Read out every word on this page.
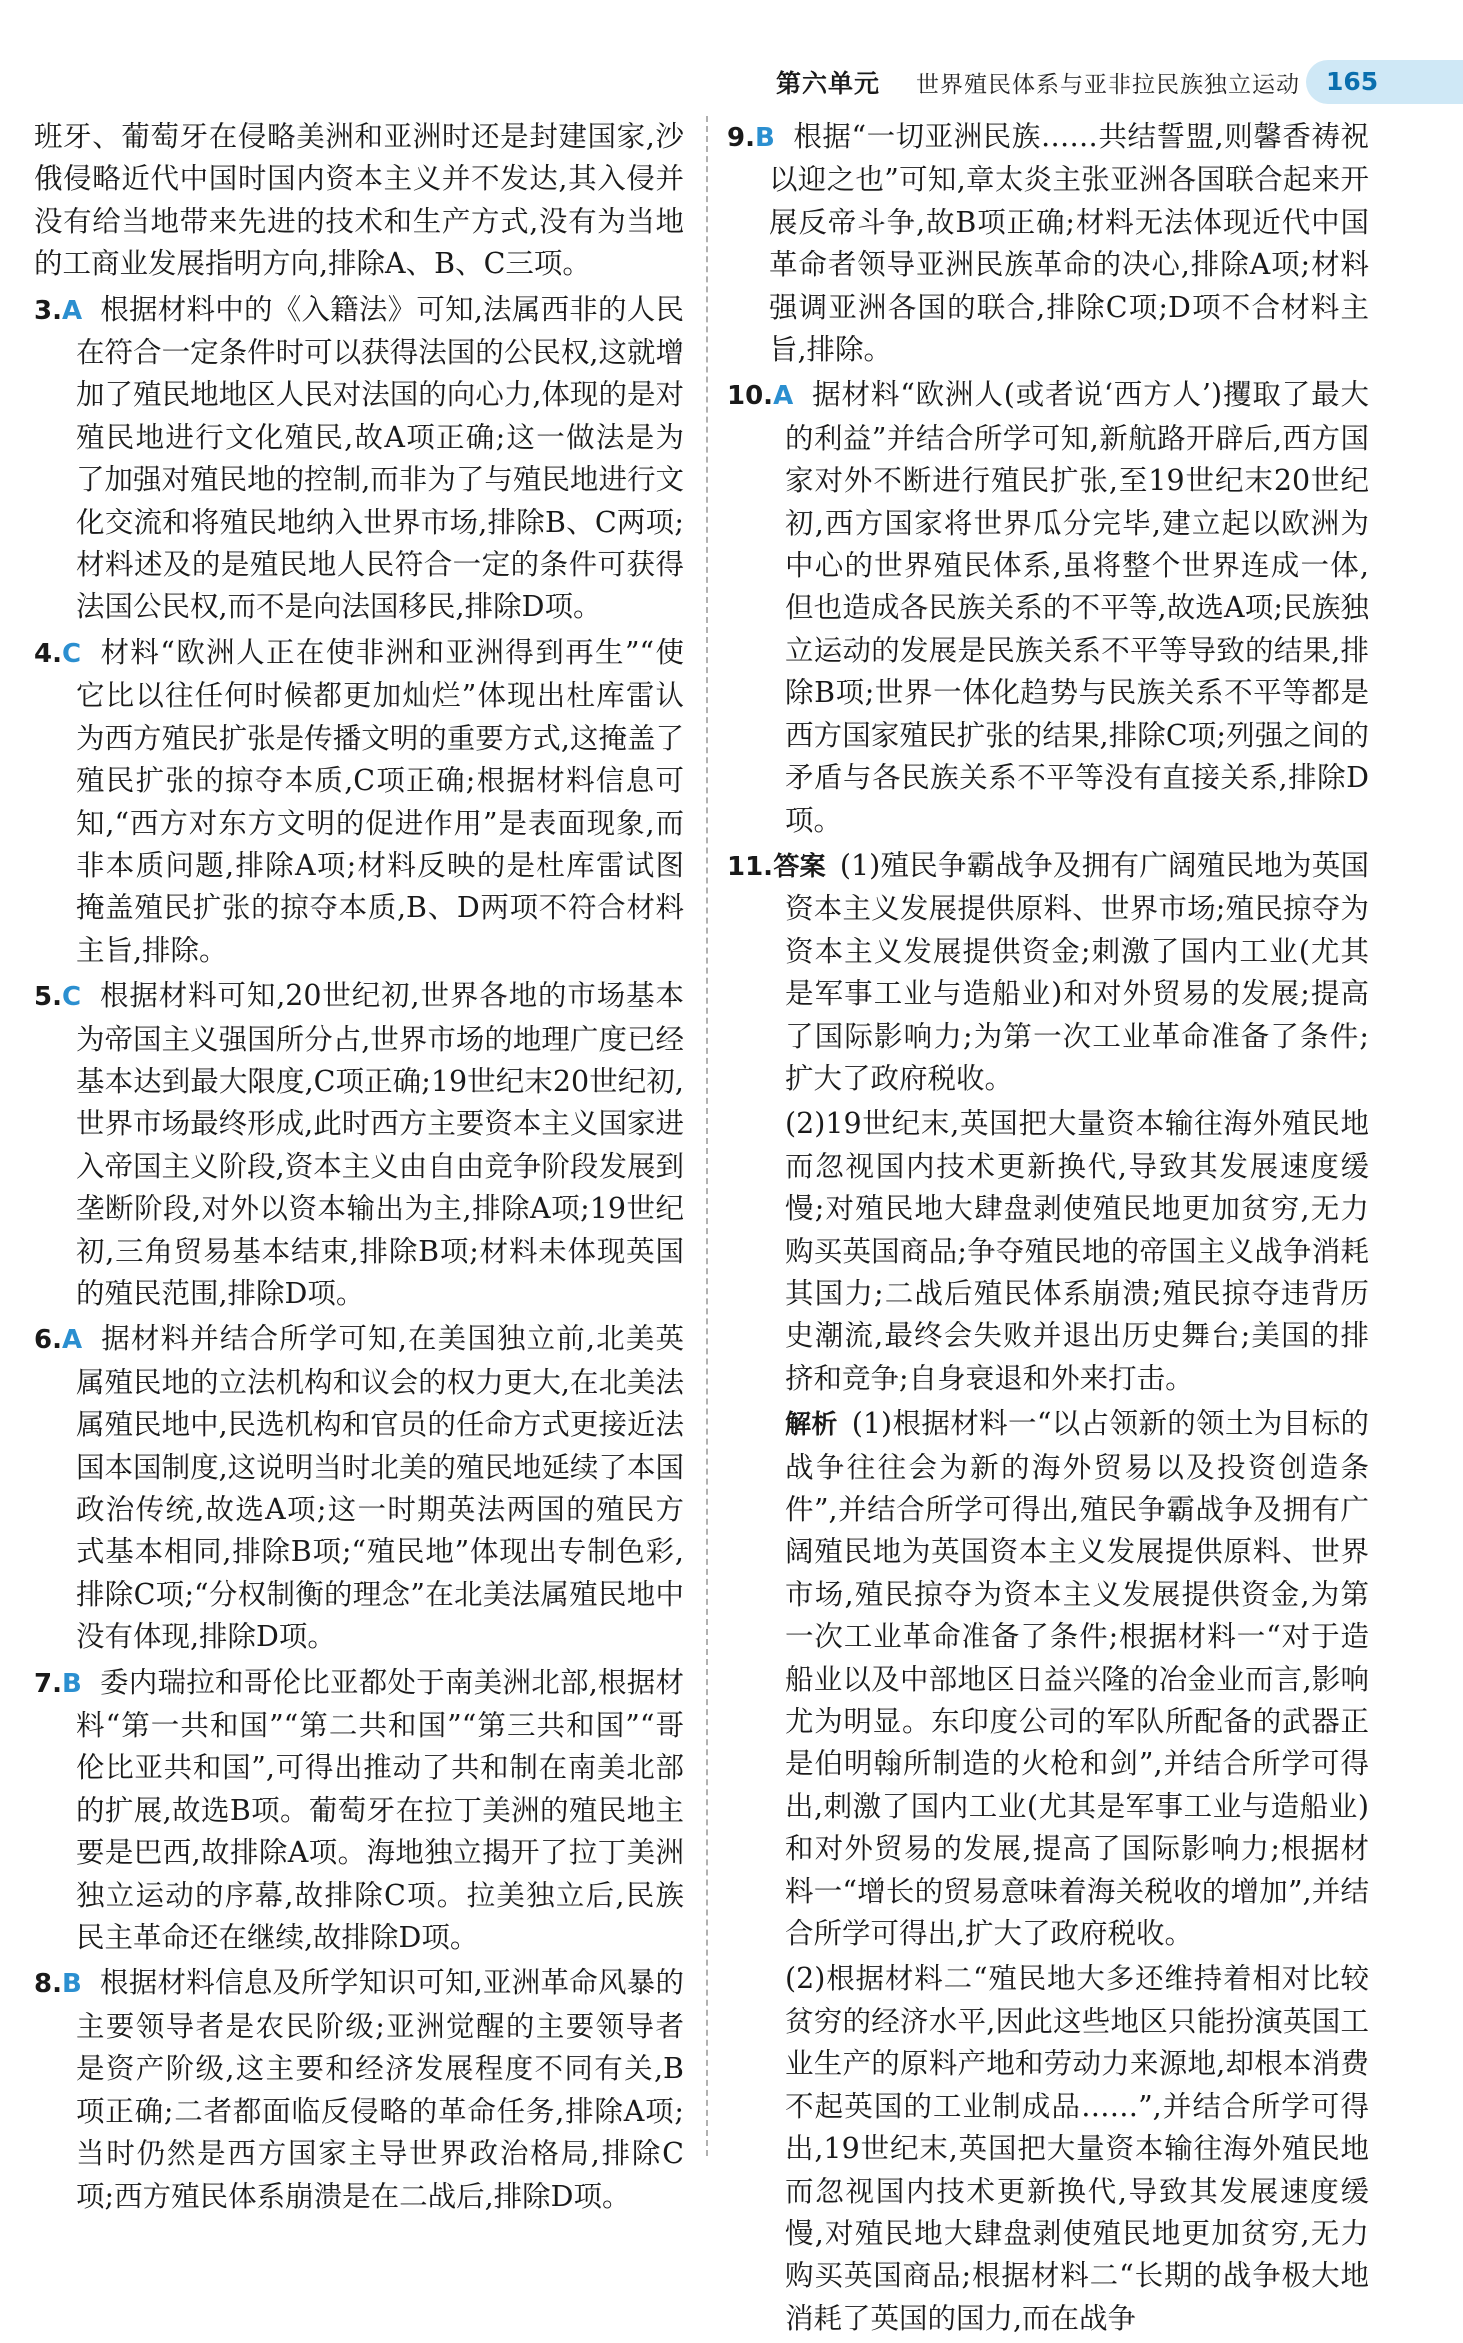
第六单元 世界殖民体系与亚非拉民族独立运动	165

班牙、葡萄牙在侵略美洲和亚洲时还是封建国家,沙俄侵略近代中国时国内资本主义并不发达,其入侵并没有给当地带来先进的技术和生产方式,没有为当地的工商业发展指明方向,排除A、B、C三项。

3.A 根据材料中的《入籍法》可知,法属西非的人民在符合一定条件时可以获得法国的公民权,这就增加了殖民地地区人民对法国的向心力,体现的是对殖民地进行文化殖民,故A项正确;这一做法是为了加强对殖民地的控制,而非为了与殖民地进行文化交流和将殖民地纳入世界市场,排除B、C两项;材料述及的是殖民地人民符合一定的条件可获得法国公民权,而不是向法国移民,排除D项。

4.C 材料“欧洲人正在使非洲和亚洲得到再生”“使它比以往任何时候都更加灿烂”体现出杜库雷认为西方殖民扩张是传播文明的重要方式,这掩盖了殖民扩张的掠夺本质,C项正确;根据材料信息可知,“西方对东方文明的促进作用”是表面现象,而非本质问题,排除A项;材料反映的是杜库雷试图掩盖殖民扩张的掠夺本质,B、D两项不符合材料主旨,排除。

5.C 根据材料可知,20世纪初,世界各地的市场基本为帝国主义强国所分占,世界市场的地理广度已经基本达到最大限度,C项正确;19世纪末20世纪初,世界市场最终形成,此时西方主要资本主义国家进入帝国主义阶段,资本主义由自由竞争阶段发展到垄断阶段,对外以资本输出为主,排除A项;19世纪初,三角贸易基本结束,排除B项;材料未体现英国的殖民范围,排除D项。

6.A 据材料并结合所学可知,在美国独立前,北美英属殖民地的立法机构和议会的权力更大,在北美法属殖民地中,民选机构和官员的任命方式更接近法国本国制度,这说明当时北美的殖民地延续了本国政治传统,故选A项;这一时期英法两国的殖民方式基本相同,排除B项;“殖民地”体现出专制色彩,排除C项;“分权制衡的理念”在北美法属殖民地中没有体现,排除D项。

7.B 委内瑞拉和哥伦比亚都处于南美洲北部,根据材料“第一共和国”“第二共和国”“第三共和国”“哥伦比亚共和国”,可得出推动了共和制在南美北部的扩展,故选B项。葡萄牙在拉丁美洲的殖民地主要是巴西,故排除A项。海地独立揭开了拉丁美洲独立运动的序幕,故排除C项。拉美独立后,民族民主革命还在继续,故排除D项。

8.B 根据材料信息及所学知识可知,亚洲革命风暴的主要领导者是农民阶级;亚洲觉醒的主要领导者是资产阶级,这主要和经济发展程度不同有关,B项正确;二者都面临反侵略的革命任务,排除A项;当时仍然是西方国家主导世界政治格局,排除C项;西方殖民体系崩溃是在二战后,排除D项。

9.B 根据“一切亚洲民族……共结誓盟,则馨香祷祝以迎之也”可知,章太炎主张亚洲各国联合起来开展反帝斗争,故B项正确;材料无法体现近代中国革命者领导亚洲民族革命的决心,排除A项;材料强调亚洲各国的联合,排除C项;D项不合材料主旨,排除。

10.A 据材料“欧洲人(或者说‘西方人’)攫取了最大的利益”并结合所学可知,新航路开辟后,西方国家对外不断进行殖民扩张,至19世纪末20世纪初,西方国家将世界瓜分完毕,建立起以欧洲为中心的世界殖民体系,虽将整个世界连成一体,但也造成各民族关系的不平等,故选A项;民族独立运动的发展是民族关系不平等导致的结果,排除B项;世界一体化趋势与民族关系不平等都是西方国家殖民扩张的结果,排除C项;列强之间的矛盾与各民族关系不平等没有直接关系,排除D项。

11.答案 (1)殖民争霸战争及拥有广阔殖民地为英国资本主义发展提供原料、世界市场;殖民掠夺为资本主义发展提供资金;刺激了国内工业(尤其是军事工业与造船业)和对外贸易的发展;提高了国际影响力;为第一次工业革命准备了条件;扩大了政府税收。

(2)19世纪末,英国把大量资本输往海外殖民地而忽视国内技术更新换代,导致其发展速度缓慢;对殖民地大肆盘剥使殖民地更加贫穷,无力购买英国商品;争夺殖民地的帝国主义战争消耗其国力;二战后殖民体系崩溃;殖民掠夺违背历史潮流,最终会失败并退出历史舞台;美国的排挤和竞争;自身衰退和外来打击。

解析 (1)根据材料一“以占领新的领土为目标的战争往往会为新的海外贸易以及投资创造条件”,并结合所学可得出,殖民争霸战争及拥有广阔殖民地为英国资本主义发展提供原料、世界市场,殖民掠夺为资本主义发展提供资金,为第一次工业革命准备了条件;根据材料一“对于造船业以及中部地区日益兴隆的冶金业而言,影响尤为明显。东印度公司的军队所配备的武器正是伯明翰所制造的火枪和剑”,并结合所学可得出,刺激了国内工业(尤其是军事工业与造船业)和对外贸易的发展,提高了国际影响力;根据材料一“增长的贸易意味着海关税收的增加”,并结合所学可得出,扩大了政府税收。

(2)根据材料二“殖民地大多还维持着相对比较贫穷的经济水平,因此这些地区只能扮演英国工业生产的原料产地和劳动力来源地,却根本消费不起英国的工业制成品……”,并结合所学可得出,19世纪末,英国把大量资本输往海外殖民地而忽视国内技术更新换代,导致其发展速度缓慢,对殖民地大肆盘剥使殖民地更加贫穷,无力购买英国商品;根据材料二“长期的战争极大地消耗了英国的国力,而在战争
